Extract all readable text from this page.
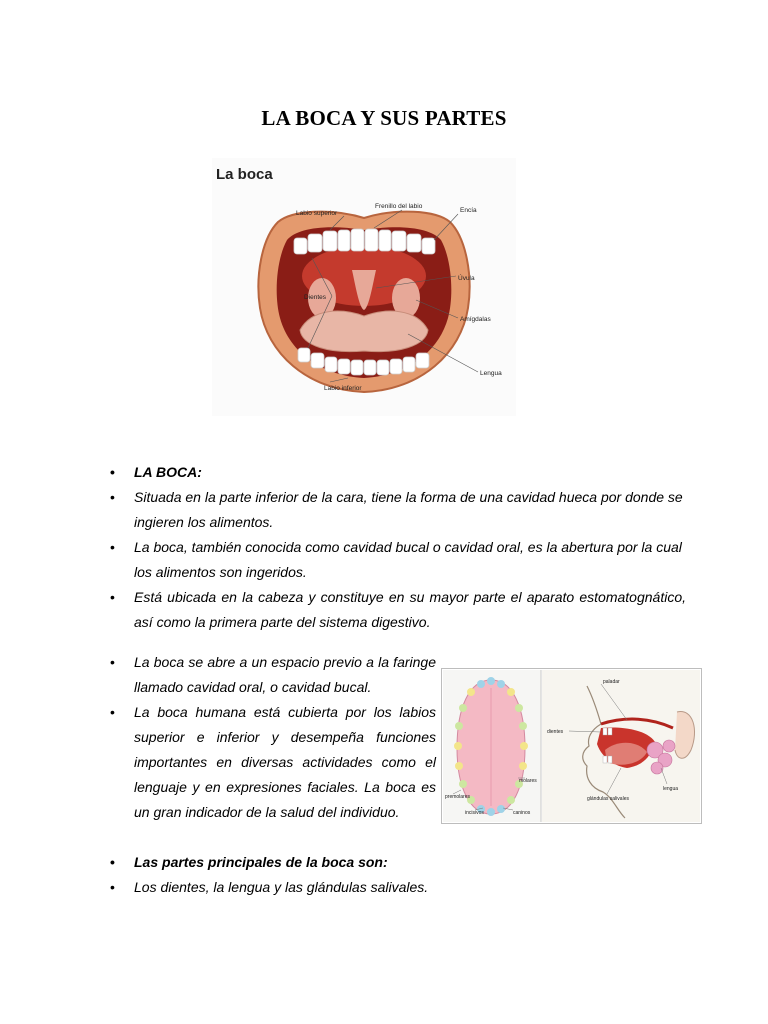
LA BOCA Y SUS PARTES
La boca
Frenillo del labio
Labio superior	Encía
Úvula
Dientes
Amígdalas
Lengua
Labio inferior
• LA BOCA:
• Situada en la parte inferior de la cara, tiene la forma de una cavidad hueca por donde se ingieren los alimentos.
• La boca, también conocida como cavidad bucal o cavidad oral, es la abertura por la cual los alimentos son ingeridos.
• Está ubicada en la cabeza y constituye en su mayor parte el aparato estomatognático, así como la primera parte del sistema digestivo.
• La boca se abre a un espacio previo a la faringe llamado cavidad oral, o cavidad bucal.
• La boca humana está cubierta por los labios superior e inferior y desempeña funciones importantes en diversas actividades como el lenguaje y en expresiones faciales. La boca es un gran indicador de la salud del individuo.
molares
premolares
incisivos	caninos
paladar
dientes
lengua
glándulas salivales
• Las partes principales de la boca son:
• Los dientes, la lengua y las glándulas salivales.
